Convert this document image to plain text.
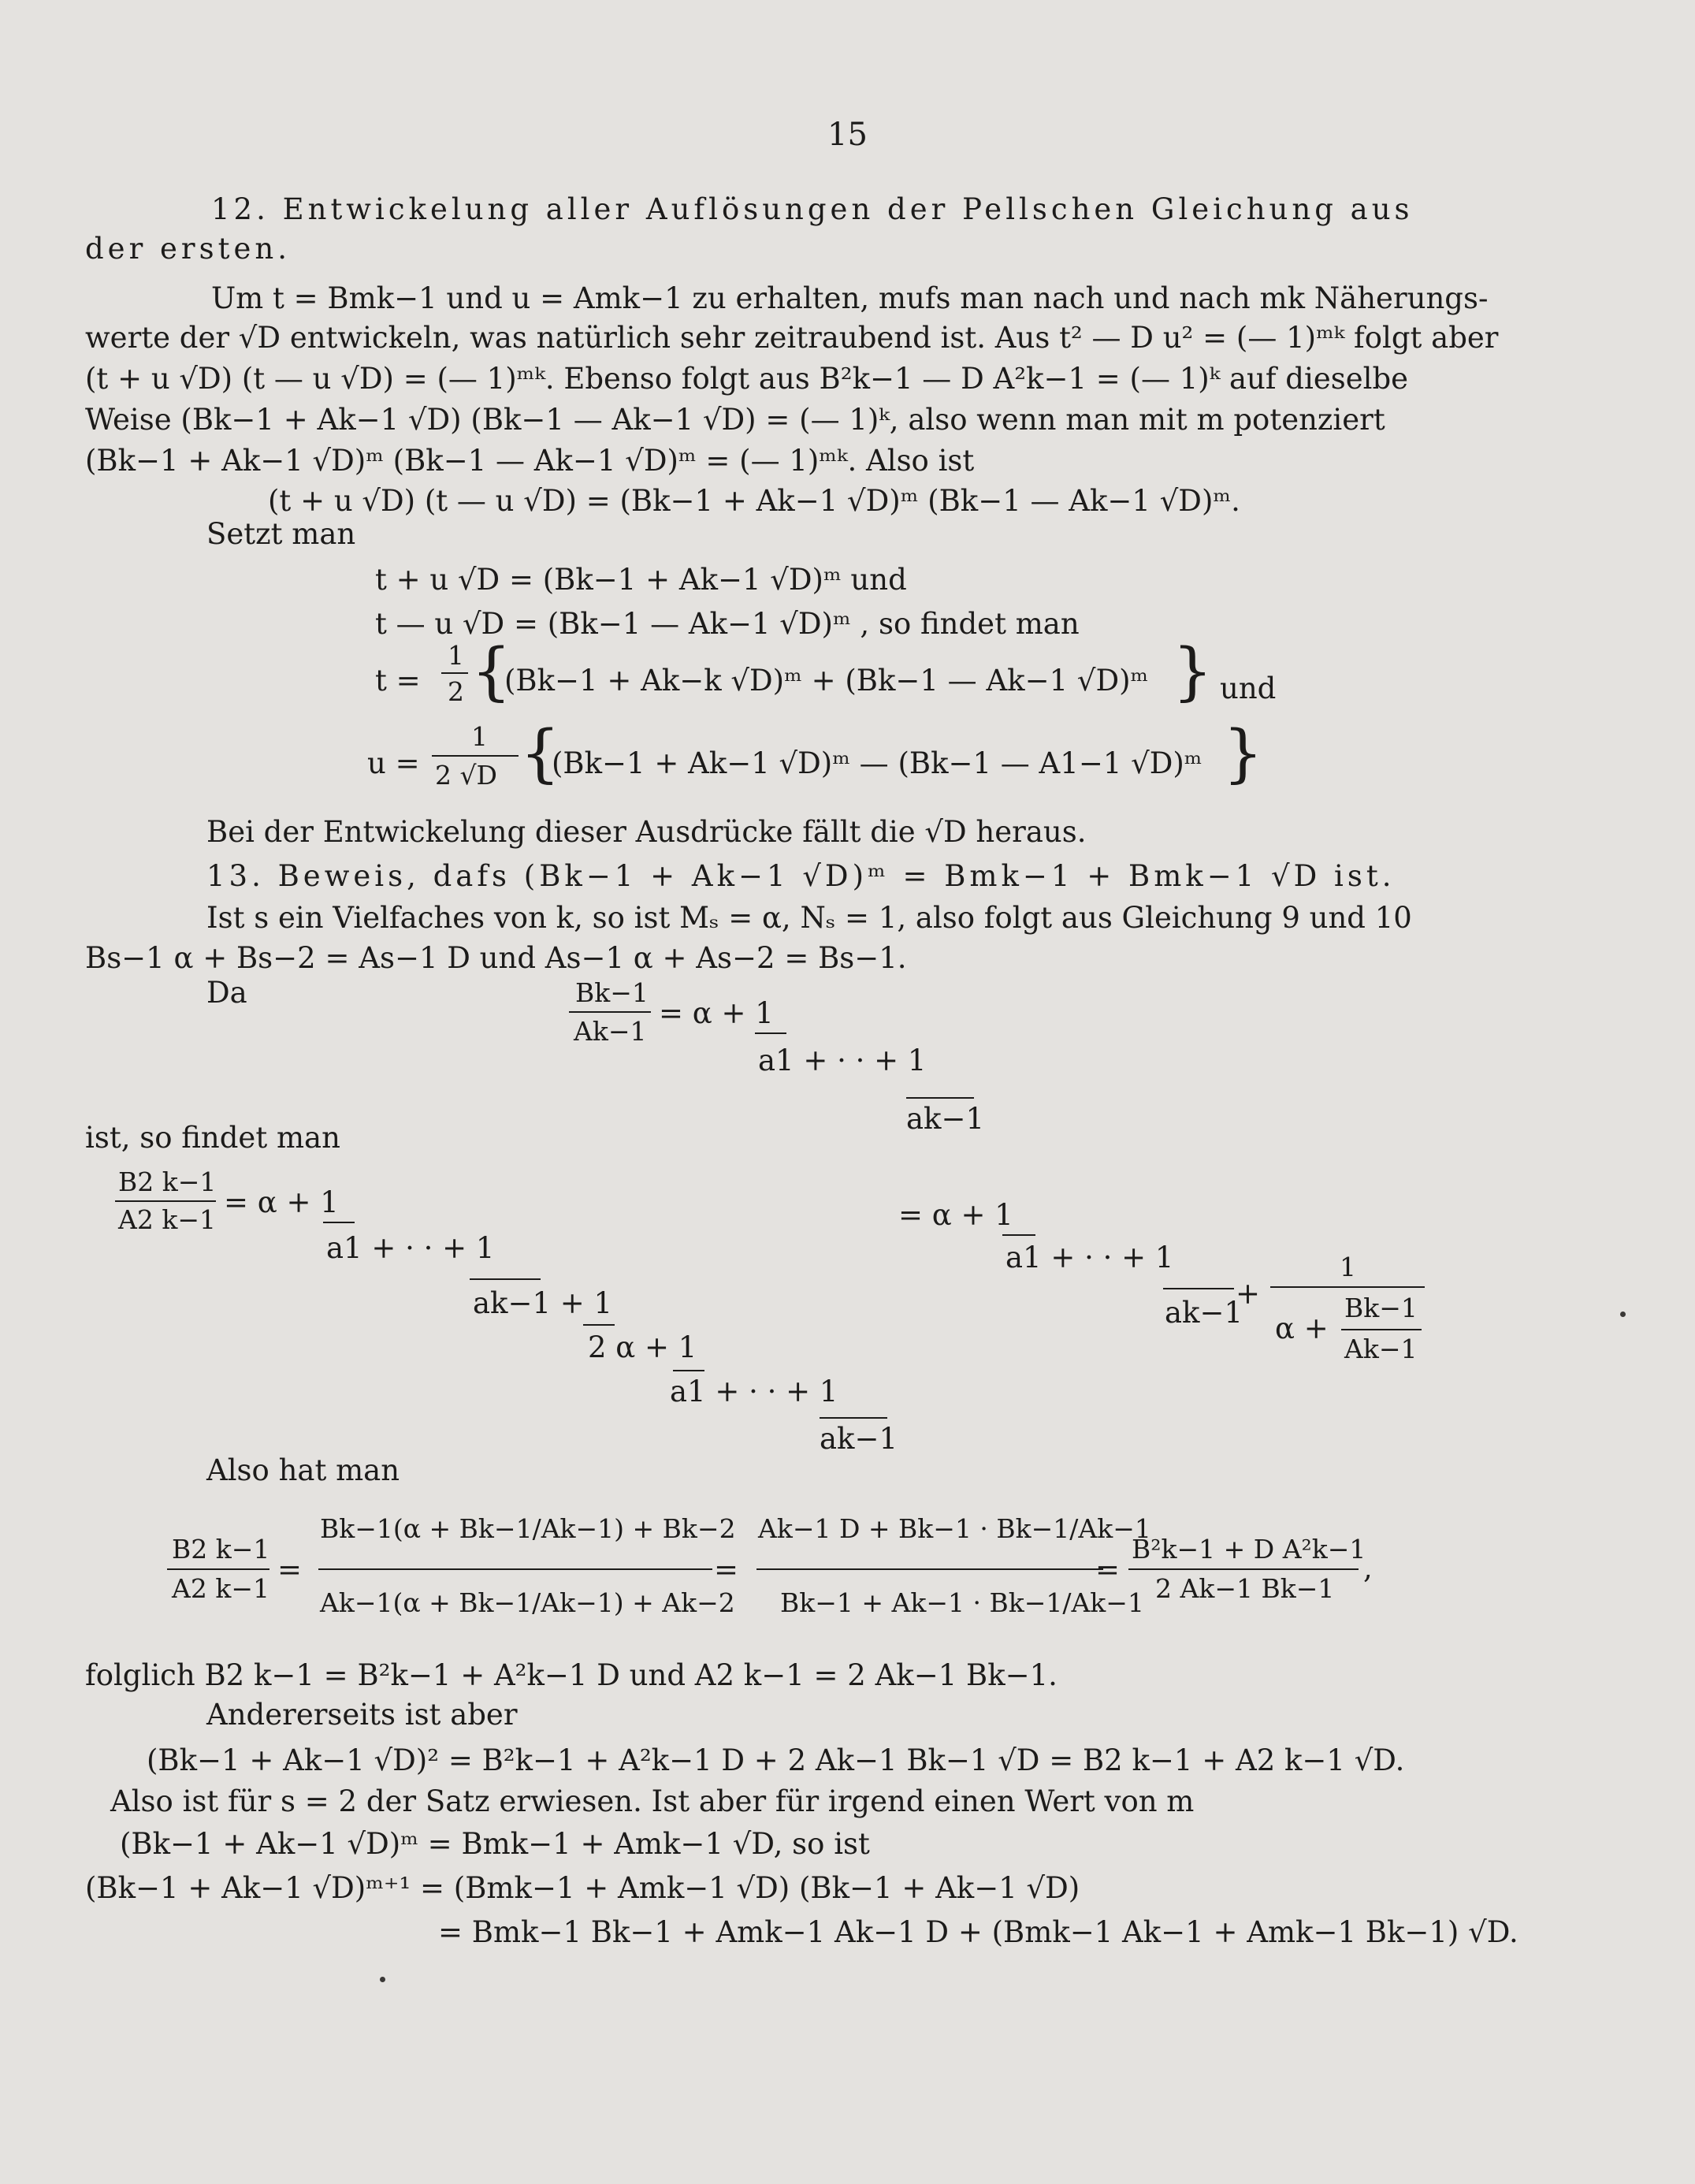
15
12. Entwickelung aller Auflösungen der Pellschen Gleichung aus
der ersten.
Um t = Bmk−1 und u = Amk−1 zu erhalten, mufs man nach und nach mk Näherungs-
werte der √D entwickeln, was natürlich sehr zeitraubend ist. Aus t² — D u² = (— 1)ᵐᵏ folgt aber
(t + u √D) (t — u √D) = (— 1)ᵐᵏ. Ebenso folgt aus B²k−1 — D A²k−1 = (— 1)ᵏ auf dieselbe
Weise (Bk−1 + Ak−1 √D) (Bk−1 — Ak−1 √D) = (— 1)ᵏ, also wenn man mit m potenziert
(Bk−1 + Ak−1 √D)ᵐ (Bk−1 — Ak−1 √D)ᵐ = (— 1)ᵐᵏ. Also ist
(t + u √D) (t — u √D) = (Bk−1 + Ak−1 √D)ᵐ (Bk−1 — Ak−1 √D)ᵐ.
Setzt man
t + u √D = (Bk−1 + Ak−1 √D)ᵐ und
t — u √D = (Bk−1 — Ak−1 √D)ᵐ , so findet man
t =
1
2 {
(Bk−1 + Ak−k √D)ᵐ + (Bk−1 — Ak−1 √D)ᵐ } und
u =
1
2 √D {
(Bk−1 + Ak−1 √D)ᵐ — (Bk−1 — A1−1 √D)ᵐ }
Bei der Entwickelung dieser Ausdrücke fällt die √D heraus.
13. Beweis, dafs (Bk−1 + Ak−1 √D)ᵐ = Bmk−1 + Bmk−1 √D ist.
Ist s ein Vielfaches von k, so ist Mₛ = α, Nₛ = 1, also folgt aus Gleichung 9 und 10
Bs−1 α + Bs−2 = As−1 D und As−1 α + As−2 = Bs−1.
Da	Bk−1
Ak−1
= α + 1
a1 + · · + 1
ak−1
ist, so findet man
B2 k−1
A2 k−1
= α + 1
a1 + · · + 1
ak−1 + 1
2 α + 1
a1 + · · + 1
ak−1
= α + 1
a1 + · · + 1
ak−1
+
1
α +
Bk−1
Ak−1
Also hat man
B2 k−1
A2 k−1
=
Bk−1(α + Bk−1/Ak−1) + Bk−2
Ak−1(α + Bk−1/Ak−1) + Ak−2
=
Ak−1 D + Bk−1 · Bk−1/Ak−1
Bk−1 + Ak−1 · Bk−1/Ak−1
=
B²k−1 + D A²k−1
2 Ak−1 Bk−1
,
folglich B2 k−1 = B²k−1 + A²k−1 D und A2 k−1 = 2 Ak−1 Bk−1.
Andererseits ist aber
(Bk−1 + Ak−1 √D)² = B²k−1 + A²k−1 D + 2 Ak−1 Bk−1 √D = B2 k−1 + A2 k−1 √D.
Also ist für s = 2 der Satz erwiesen. Ist aber für irgend einen Wert von m
(Bk−1 + Ak−1 √D)ᵐ = Bmk−1 + Amk−1 √D, so ist
(Bk−1 + Ak−1 √D)ᵐ⁺¹ = (Bmk−1 + Amk−1 √D) (Bk−1 + Ak−1 √D)
= Bmk−1 Bk−1 + Amk−1 Ak−1 D + (Bmk−1 Ak−1 + Amk−1 Bk−1) √D.
